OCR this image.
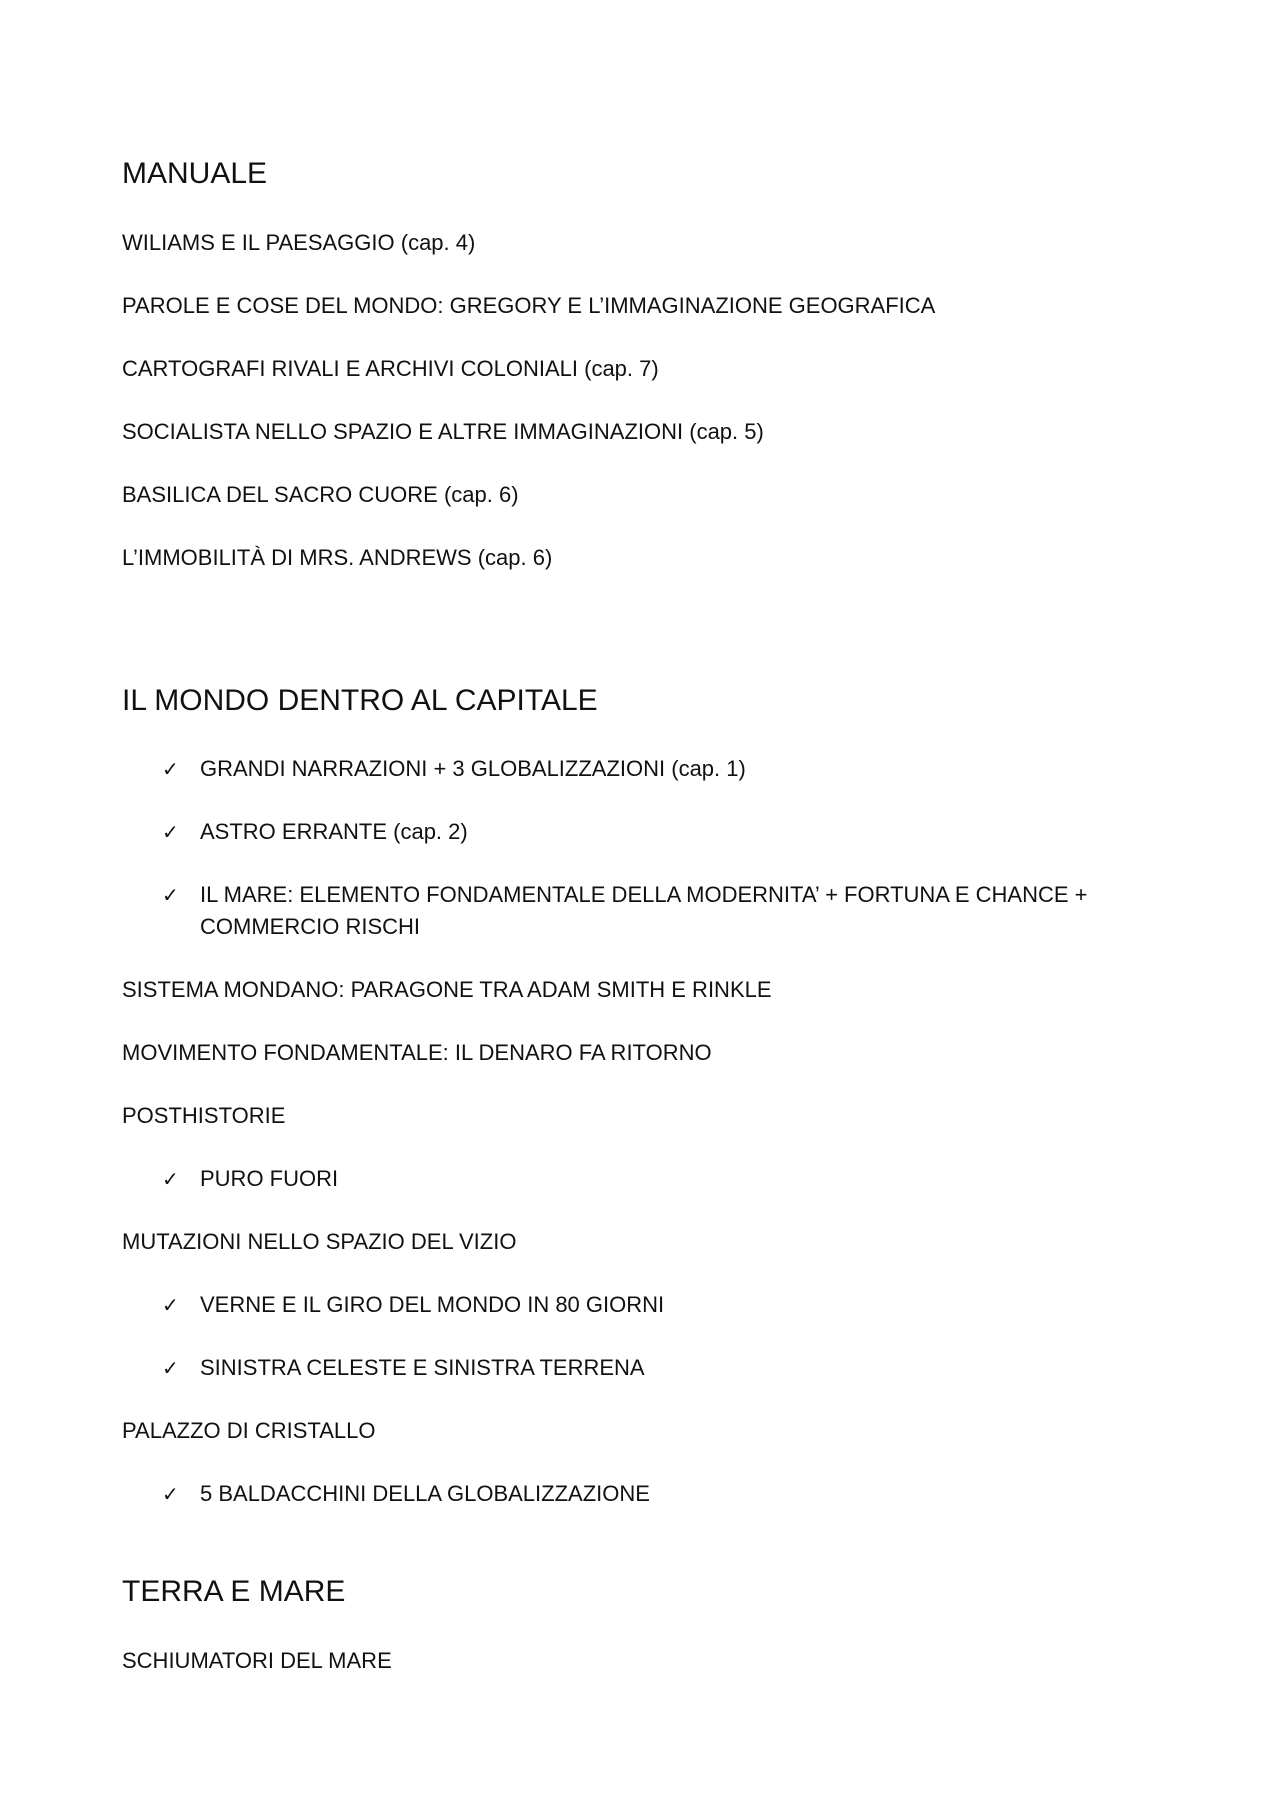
MANUALE
WILIAMS E IL PAESAGGIO (cap. 4)
PAROLE E COSE DEL MONDO: GREGORY E L’IMMAGINAZIONE GEOGRAFICA
CARTOGRAFI RIVALI E ARCHIVI COLONIALI (cap. 7)
SOCIALISTA NELLO SPAZIO E ALTRE IMMAGINAZIONI (cap. 5)
BASILICA DEL SACRO CUORE (cap. 6)
L’IMMOBILITÀ DI MRS. ANDREWS (cap. 6)
IL MONDO DENTRO AL CAPITALE
✓ GRANDI NARRAZIONI + 3 GLOBALIZZAZIONI (cap. 1)
✓ ASTRO ERRANTE (cap. 2)
✓ IL MARE: ELEMENTO FONDAMENTALE DELLA MODERNITA’ + FORTUNA E CHANCE + COMMERCIO RISCHI
SISTEMA MONDANO: PARAGONE TRA ADAM SMITH E RINKLE
MOVIMENTO FONDAMENTALE: IL DENARO FA RITORNO
POSTHISTORIE
✓ PURO FUORI
MUTAZIONI NELLO SPAZIO DEL VIZIO
✓ VERNE E IL GIRO DEL MONDO IN 80 GIORNI
✓ SINISTRA CELESTE E SINISTRA TERRENA
PALAZZO DI CRISTALLO
✓ 5 BALDACCHINI DELLA GLOBALIZZAZIONE
TERRA E MARE
SCHIUMATORI DEL MARE
